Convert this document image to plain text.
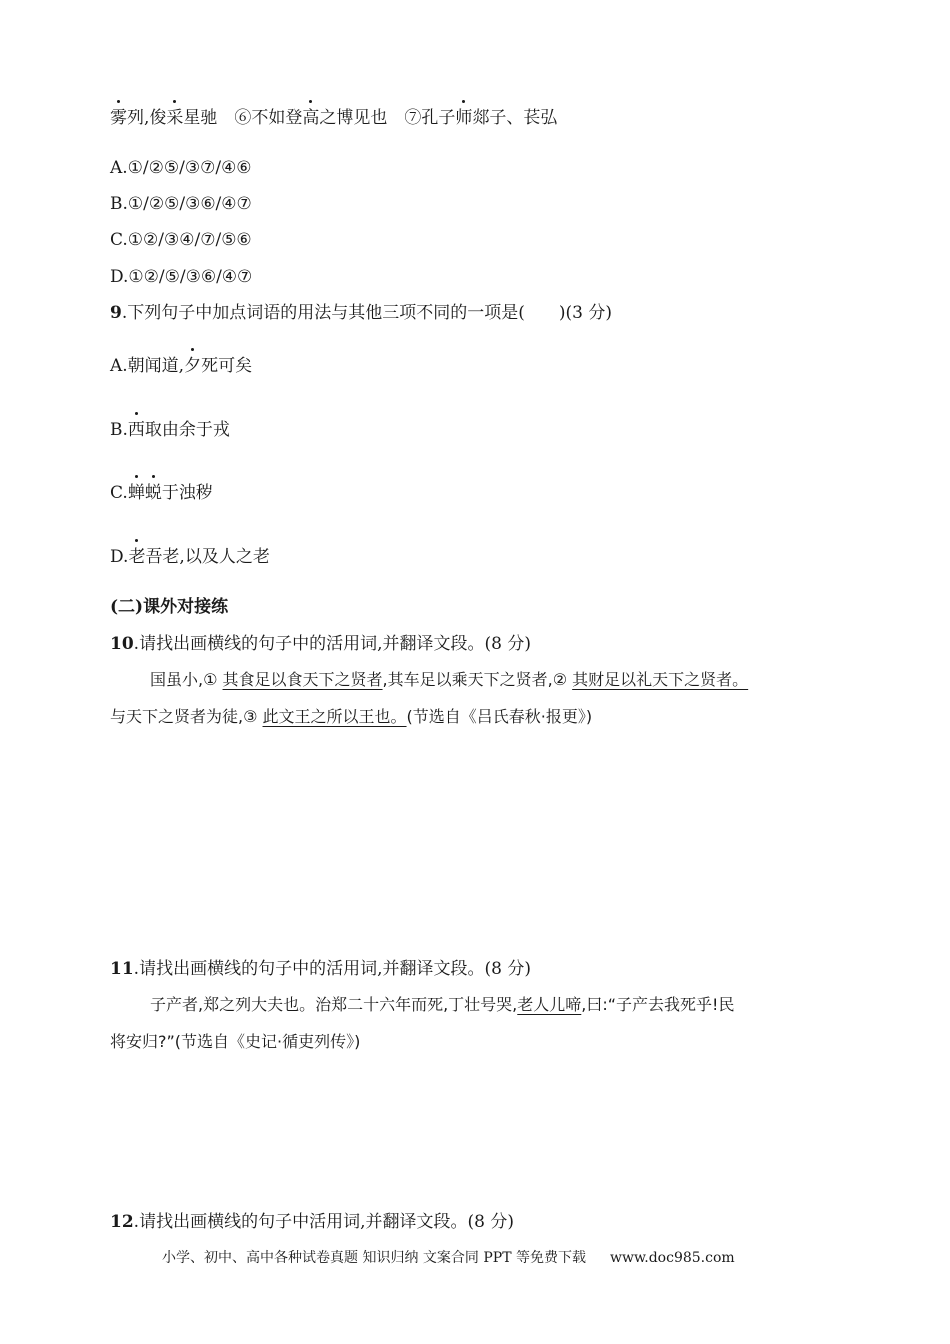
雾列,俊采星驰　⑥不如登高之博见也　⑦孔子师郯子、苌弘
A.①/②⑤/③⑦/④⑥
B.①/②⑤/③⑥/④⑦
C.①②/③④/⑦/⑤⑥
D.①②/⑤/③⑥/④⑦
9.下列句子中加点词语的用法与其他三项不同的一项是(　　)(3 分)
A.朝闻道,夕死可矣
B.西取由余于戎
C.蝉蜕于浊秽
D.老吾老,以及人之老
(二)课外对接练
10.请找出画横线的句子中的活用词,并翻译文段。(8 分)
国虽小,① 其食足以食天下之贤者,其车足以乘天下之贤者,② 其财足以礼天下之贤者。
与天下之贤者为徒,③ 此文王之所以王也。(节选自《吕氏春秋·报更》)
11.请找出画横线的句子中的活用词,并翻译文段。(8 分)
子产者,郑之列大夫也。治郑二十六年而死,丁壮号哭,老人儿啼,曰:“子产去我死乎!民
将安归?”(节选自《史记·循吏列传》)
12.请找出画横线的句子中活用词,并翻译文段。(8 分)
小学、初中、高中各种试卷真题 知识归纳 文案合同 PPT 等免费下载 www.doc985.com
